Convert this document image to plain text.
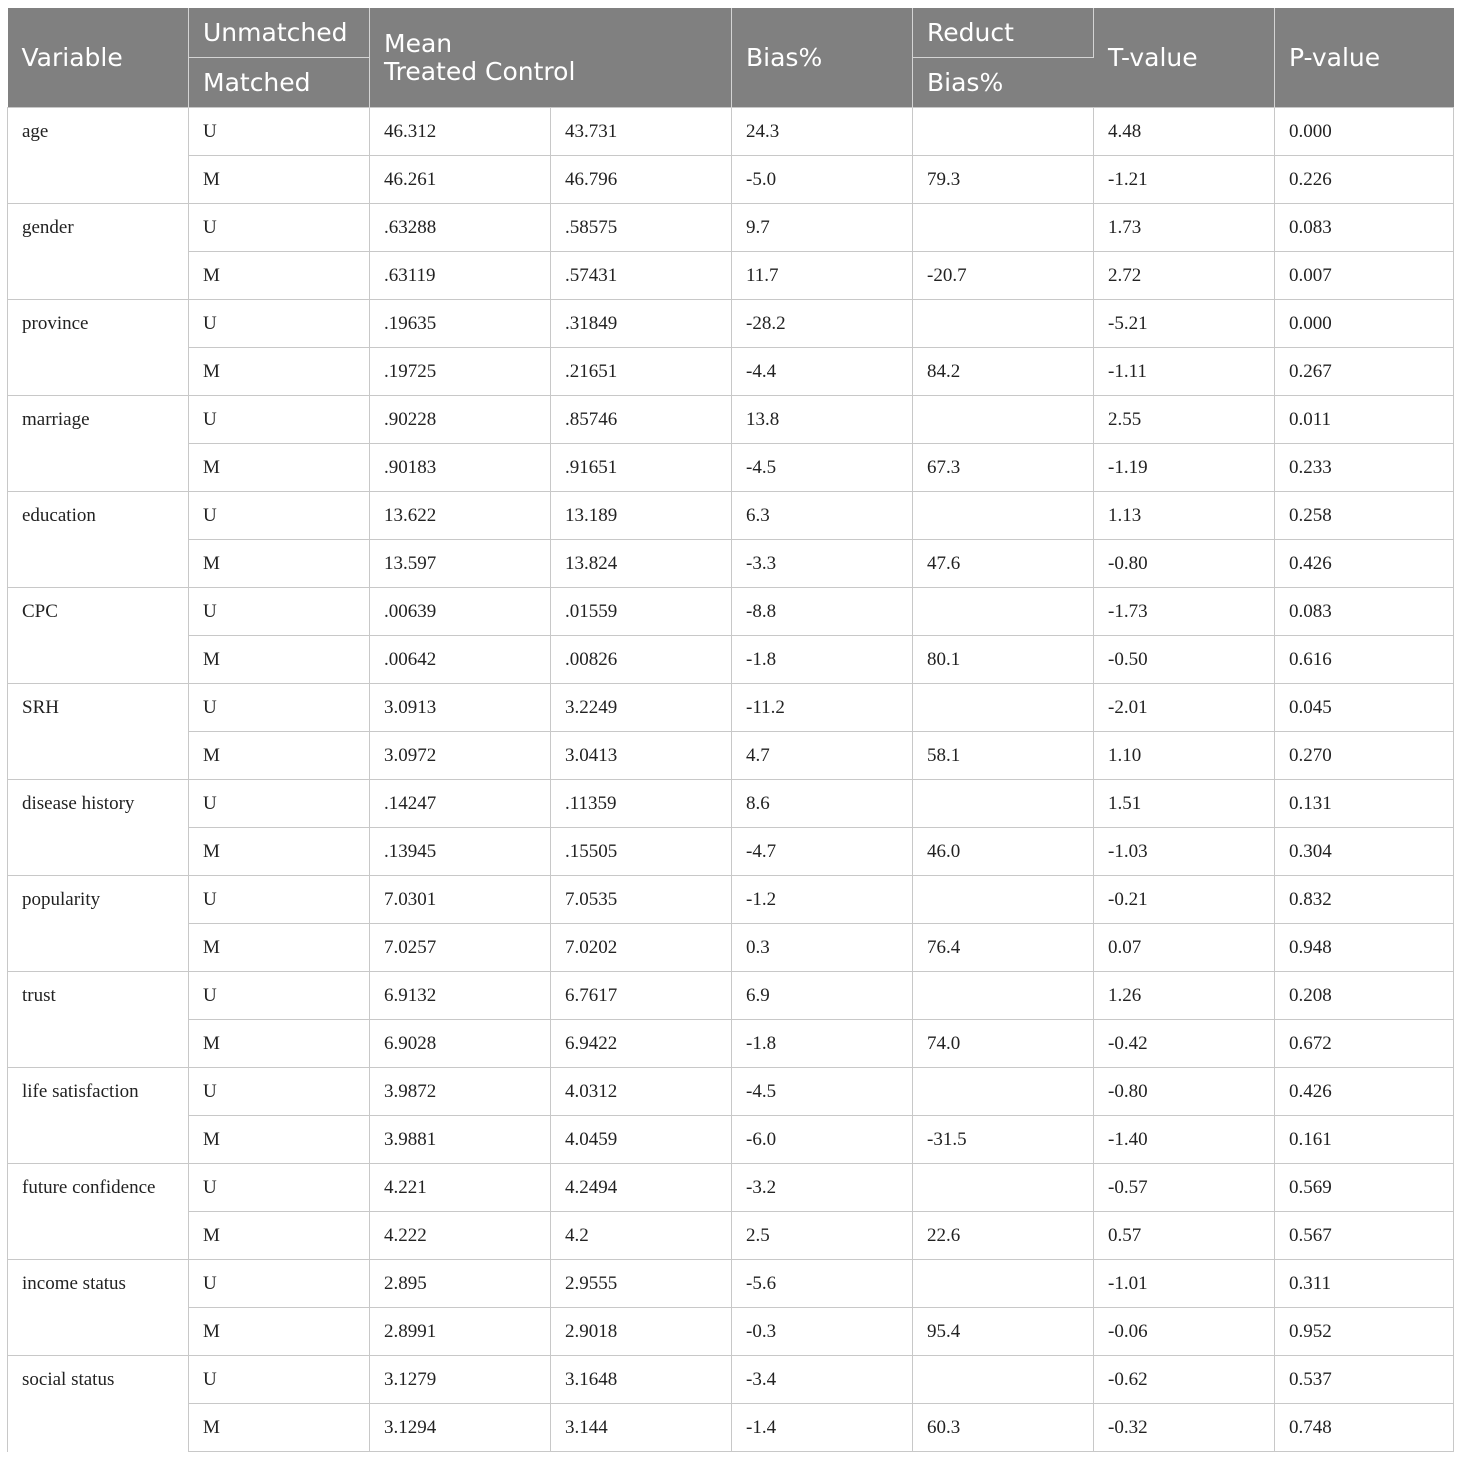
Variable	Unmatched	Mean
Treated Control		Bias%	Reduct	T-value	P-value
	Matched				Bias%		
age	U	46.312	43.731	24.3		4.48	0.000
	M	46.261	46.796	-5.0	79.3	-1.21	0.226
gender	U	.63288	.58575	9.7		1.73	0.083
	M	.63119	.57431	11.7	-20.7	2.72	0.007
province	U	.19635	.31849	-28.2		-5.21	0.000
	M	.19725	.21651	-4.4	84.2	-1.11	0.267
marriage	U	.90228	.85746	13.8		2.55	0.011
	M	.90183	.91651	-4.5	67.3	-1.19	0.233
education	U	13.622	13.189	6.3		1.13	0.258
	M	13.597	13.824	-3.3	47.6	-0.80	0.426
CPC	U	.00639	.01559	-8.8		-1.73	0.083
	M	.00642	.00826	-1.8	80.1	-0.50	0.616
SRH	U	3.0913	3.2249	-11.2		-2.01	0.045
	M	3.0972	3.0413	4.7	58.1	1.10	0.270
disease history	U	.14247	.11359	8.6		1.51	0.131
	M	.13945	.15505	-4.7	46.0	-1.03	0.304
popularity	U	7.0301	7.0535	-1.2		-0.21	0.832
	M	7.0257	7.0202	0.3	76.4	0.07	0.948
trust	U	6.9132	6.7617	6.9		1.26	0.208
	M	6.9028	6.9422	-1.8	74.0	-0.42	0.672
life satisfaction	U	3.9872	4.0312	-4.5		-0.80	0.426
	M	3.9881	4.0459	-6.0	-31.5	-1.40	0.161
future confidence	U	4.221	4.2494	-3.2		-0.57	0.569
	M	4.222	4.2	2.5	22.6	0.57	0.567
income status	U	2.895	2.9555	-5.6		-1.01	0.311
	M	2.8991	2.9018	-0.3	95.4	-0.06	0.952
social status	U	3.1279	3.1648	-3.4		-0.62	0.537
	M	3.1294	3.144	-1.4	60.3	-0.32	0.748
